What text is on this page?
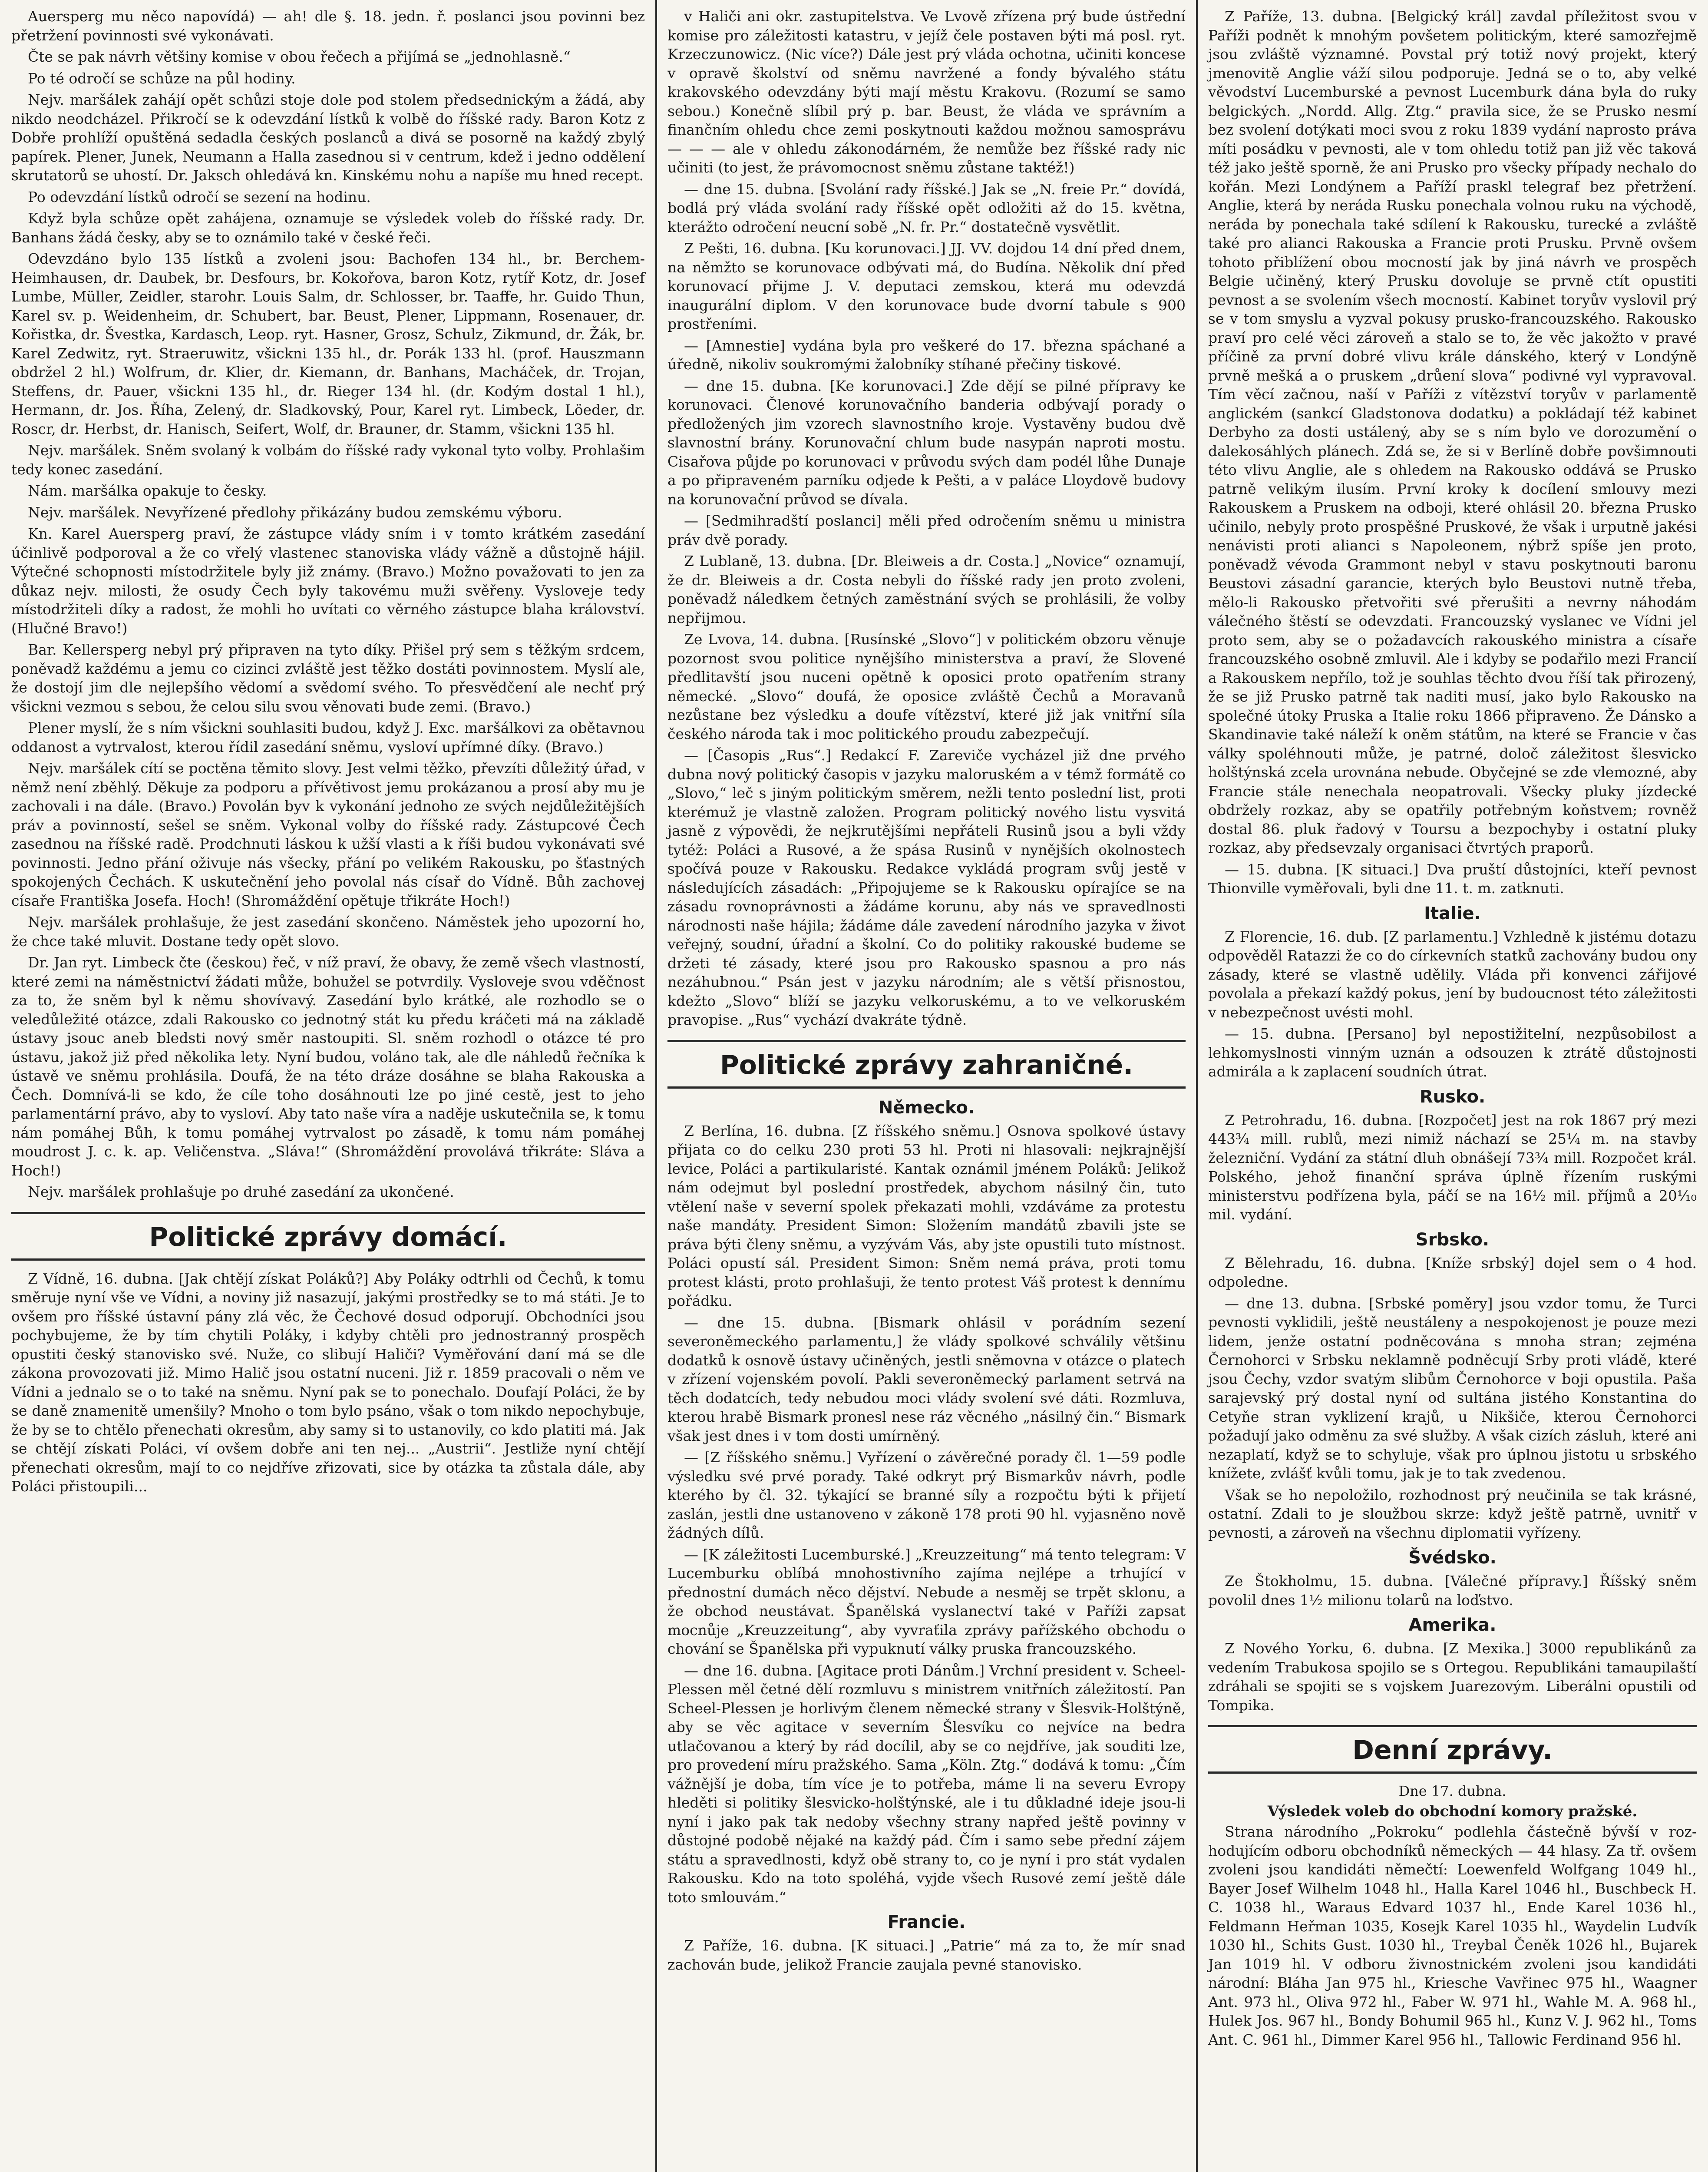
Auersperg mu něco napovídá) — ah! dle §. 18. jedn. ř. poslanci jsou povinni bez přetržení povinnosti své vykonávati.

Čte se pak návrh většiny komise v obou řečech a přijímá se „jednohlasně.“

Po té odročí se schůze na půl hodiny.

Nejv. maršálek zahájí opět schůzi stoje dole pod stolem předsednickým a žádá, aby nikdo neodcházel. Přikročí se k odevzdání lístků k volbě do říšské rady. Baron Kotz z Dobře prohlíží opuštěná sedadla českých poslanců a divá se posorně na každý zbylý papírek. Plener, Junek, Neumann a Halla zasednou si v centrum, kdež i jedno oddělení skrutatorů se uhostí. Dr. Jaksch ohledává kn. Kinskému nohu a napíše mu hned recept.

Po odevzdání lístků odročí se sezení na hodinu.

Když byla schůze opět zahájena, oznamuje se výsledek voleb do říšské rady. Dr. Banhans žádá česky, aby se to oznámilo také v české řeči.

Odevzdáno bylo 135 lístků a zvoleni jsou: Bachofen 134 hl., br. Berchem-Heimhausen, dr. Daubek, br. Desfours, br. Kokořova, baron Kotz, rytíř Kotz, dr. Josef Lumbe, Müller, Zeidler, starohr. Louis Salm, dr. Schlosser, br. Taaffe, hr. Guido Thun, Karel sv. p. Weidenheim, dr. Schubert, bar. Beust, Plener, Lippmann, Rosenauer, dr. Kořistka, dr. Švestka, Kardasch, Leop. ryt. Hasner, Grosz, Schulz, Zikmund, dr. Žák, br. Karel Zedwitz, ryt. Straeruwitz, všickni 135 hl., dr. Porák 133 hl. (prof. Hauszmann obdržel 2 hl.) Wolfrum, dr. Klier, dr. Kiemann, dr. Banhans, Macháček, dr. Trojan, Steffens, dr. Pauer, všickni 135 hl., dr. Rieger 134 hl. (dr. Kodým dostal 1 hl.), Hermann, dr. Jos. Říha, Zelený, dr. Sladkovský, Pour, Karel ryt. Limbeck, Löeder, dr. Roscr, dr. Herbst, dr. Hanisch, Seifert, Wolf, dr. Brauner, dr. Stamm, všickni 135 hl.

Nejv. maršálek. Sněm svolaný k volbám do říšské rady vykonal tyto volby. Prohlašim tedy konec zasedání.

Nám. maršálka opakuje to česky.

Nejv. maršálek. Nevyřízené předlohy přikázány budou zemskému výboru.

Kn. Karel Auersperg praví, že zástupce vlády sním i v tomto krátkém zasedání účinlivě podporoval a že co vřelý vlastenec stanoviska vlády vážně a důstojně hájil. Výtečné schopnosti místodržitele byly již známy. (Bravo.) Možno považovati to jen za důkaz nejv. milosti, že osudy Čech byly takovému muži svěřeny. Vysloveje tedy místodržiteli díky a radost, že mohli ho uvítati co věrného zástupce blaha království. (Hlučné Bravo!)

Bar. Kellersperg nebyl prý připraven na tyto díky. Přišel prý sem s těžkým srdcem, poněvadž každému a jemu co cizinci zvláště jest těžko dostáti povinnostem. Myslí ale, že dostojí jim dle nejlepšího vědomí a svědomí svého. To přesvědčení ale nechť prý všickni vezmou s sebou, že celou silu svou věnovati bude zemi. (Bravo.)

Plener myslí, že s ním všickni souhlasiti budou, když J. Exc. maršálkovi za obětavnou oddanost a vytrvalost, kterou řídil zasedání sněmu, vysloví upřímné díky. (Bravo.)

Nejv. maršálek cítí se poctěna těmito slovy. Jest velmi těžko, převzíti důležitý úřad, v němž není zběhlý. Děkuje za podporu a přívětivost jemu prokázanou a prosí aby mu je zachovali i na dále. (Bravo.) Povolán byv k vykonání jednoho ze svých nejdůležitějších práv a povinností, sešel se sněm. Vykonal volby do říšské rady. Zástupcové Čech zasednou na říšské radě. Prodchnuti láskou k užší vlasti a k říši budou vykonávati své povinnosti. Jedno přání oživuje nás všecky, přání po velikém Rakousku, po šťastných spokojených Čechách. K uskutečnění jeho povolal nás císař do Vídně. Bůh zachovej císaře Františka Josefa. Hoch! (Shromáždění opětuje třikráte Hoch!)

Nejv. maršálek prohlašuje, že jest zasedání skončeno. Náměstek jeho upozorní ho, že chce také mluvit. Dostane tedy opět slovo.

Dr. Jan ryt. Limbeck čte (českou) řeč, v níž praví, že obavy, že země všech vlastností, které zemi na náměstnictví žádati může, bohužel se potvrdily. Vysloveje svou vděčnost za to, že sněm byl k němu shovívavý. Zasedání bylo krátké, ale rozhodlo se o veledůležité otázce, zdali Rakousko co jednotný stát ku předu kráčeti má na základě ústavy jsouc aneb bledsti nový směr nastoupiti. Sl. sněm rozhodl o otázce té pro ústavu, jakož již před několika lety. Nyní budou, voláno tak, ale dle náhledů řečníka k ústavě ve sněmu prohlásila. Doufá, že na této dráze dosáhne se blaha Rakouska a Čech. Domnívá-li se kdo, že cíle toho dosáhnouti lze po jiné cestě, jest to jeho parlamentární právo, aby to vysloví. Aby tato naše víra a naděje uskutečnila se, k tomu nám pomáhej Bůh, k tomu pomáhej vytrvalost po zásadě, k tomu nám pomáhej moudrost J. c. k. ap. Veličenstva. „Sláva!“ (Shromáždění provolává třikráte: Sláva a Hoch!)

Nejv. maršálek prohlašuje po druhé zasedání za ukončené.

Politické zprávy domácí.

Z Vídně, 16. dubna. [Jak chtějí získat Poláků?] Aby Poláky odtrhli od Čechů, k tomu směruje nyní vše ve Vídni, a noviny již nasazují, jakými prostředky se to má státi. Je to ovšem pro říšské ústavní pány zlá věc, že Čechové dosud odporují. Obchodníci jsou pochybujeme, že by tím chytili Poláky, i kdyby chtěli pro jednostranný prospěch opustiti český stanovisko své. Nuže, co slibují Haliči? Vyměřování daní má se dle zákona provozovati již. Mimo Halič jsou ostatní nuceni. Již r. 1859 pracovali o něm ve Vídni a jednalo se o to také na sněmu. Nyní pak se to ponechalo. Doufají Poláci, že by se daně znamenitě umenšily? Mnoho o tom bylo psáno, však o tom nikdo nepochybuje, že by se to chtělo přenechati okresům, aby samy si to ustanovily, co kdo platiti má. Jak se chtějí získati Poláci, ví ovšem dobře ani ten nej... „Austrii“. Jestliže nyní chtějí přenechati okresům, mají to co nejdříve zřizovati, sice by otázka ta zůstala dále, aby Poláci přistoupili...

v Haliči ani okr. zastupitelstva. Ve Lvově zřízena prý bude ústřední komise pro záležitosti katastru, v jejíž čele postaven býti má posl. ryt. Krzeczunowicz. (Nic více?) Dále jest prý vláda ochotna, učiniti koncese v opravě školství od sněmu navržené a fondy bývalého státu krakovského odevzdány býti mají městu Krakovu. (Rozumí se samo sebou.) Konečně slíbil prý p. bar. Beust, že vláda ve správním a finančním ohledu chce zemi poskytnouti každou možnou samosprávu — — — ale v ohledu zákonodárném, že nemůže bez říšské rady nic učiniti (to jest, že právomocnost sněmu zůstane taktéž!)

— dne 15. dubna. [Svolání rady říšské.] Jak se „N. freie Pr.“ dovídá, bodlá prý vláda svolání rady říšské opět odložiti až do 15. května, kterážto odročení neucní sobě „N. fr. Pr.“ dostatečně vysvětlit.

Z Pešti, 16. dubna. [Ku korunovaci.] JJ. VV. dojdou 14 dní před dnem, na němžto se korunovace odbývati má, do Budína. Několik dní před korunovací přijme J. V. deputaci zemskou, která mu odevzdá inaugurální diplom. V den korunovace bude dvorní tabule s 900 prostřeními.

— [Amnestie] vydána byla pro veškeré do 17. března spáchané a úředně, nikoliv soukromými žalobníky stíhané přečiny tiskové.

— dne 15. dubna. [Ke korunovaci.] Zde dějí se pilné přípravy ke korunovaci. Členové korunovačního banderia odbývají porady o předložených jim vzorech slavnostního kroje. Vystavěny budou dvě slavnostní brány. Korunovační chlum bude nasypán naproti mostu. Cisařova půjde po korunovaci v průvodu svých dam podél lůhe Dunaje a po připraveném parníku odjede k Pešti, a v paláce Lloydově budovy na korunovační průvod se dívala.

— [Sedmihradští poslanci] měli před odročením sněmu u ministra práv dvě porady.

Z Lublaně, 13. dubna. [Dr. Bleiweis a dr. Costa.] „Novice“ oznamují, že dr. Bleiweis a dr. Costa nebyli do říšské rady jen proto zvoleni, poněvadž náledkem četných zaměstnání svých se prohlásili, že volby nepřijmou.

Ze Lvova, 14. dubna. [Rusínské „Slovo“] v politickém obzoru věnuje pozornost svou politice nynějšího ministerstva a praví, že Slovené předlitavští jsou nuceni opětně k oposici proto opatřením strany německé. „Slovo“ doufá, že oposice zvláště Čechů a Moravanů nezůstane bez výsledku a doufe vítězství, které již jak vnitřní síla českého národa tak i moc politického proudu zabezpečují.

— [Časopis „Rus“.] Redakcí F. Zareviče vycházel již dne prvého dubna nový politický časopis v jazyku maloruském a v témž formátě co „Slovo,“ leč s jiným politickým směrem, nežli tento poslední list, proti kterémuž je vlastně založen. Program politický nového listu vysvitá jasně z výpovědi, že nejkrutějšími nepřáteli Rusinů jsou a byli vždy tytéž: Poláci a Rusové, a že spása Rusinů v nynějších okolnostech spočívá pouze v Rakousku. Redakce vykládá program svůj jestě v následujících zásadách: „Připojujeme se k Rakousku opírajíce se na zásadu rovnoprávnosti a žádáme korunu, aby nás ve spravedlnosti národnosti naše hájila; žádáme dále zavedení národního jazyka v život veřejný, soudní, úřadní a školní. Co do politiky rakouské budeme se držeti té zásady, které jsou pro Rakousko spasnou a pro nás nezáhubnou.“ Psán jest v jazyku národním; ale s větší přisnostou, kdežto „Slovo“ blíží se jazyku velkoruskému, a to ve velkoruském pravopise. „Rus“ vychází dvakráte týdně.

Politické zprávy zahraničné.
Německo.

Z Berlína, 16. dubna. [Z říšského sněmu.] Osnova spolkové ústavy přijata co do celku 230 proti 53 hl. Proti ni hlasovali: nejkrajnější levice, Poláci a partikularisté. Kantak oznámil jménem Poláků: Jelikož nám odejmut byl poslední prostředek, abychom násilný čin, tuto vtělení naše v severní spolek překazati mohli, vzdáváme za protestu naše mandáty. President Simon: Složením mandátů zbavili jste se práva býti členy sněmu, a vyzývám Vás, aby jste opustili tuto místnost. Poláci opustí sál. President Simon: Sněm nemá práva, proti tomu protest klásti, proto prohlašuji, že tento protest Váš protest k dennímu pořádku.

— dne 15. dubna. [Bismark ohlásil v porádním sezení severoněmeckého parlamentu,] že vlády spolkové schválily většinu dodatků k osnově ústavy učiněných, jestli sněmovna v otázce o platech v zřízení vojenském povolí. Pakli severoněmecký parlament setrvá na těch dodatcích, tedy nebudou moci vlády svolení své dáti. Rozmluva, kterou hrabě Bismark pronesl nese ráz věcného „násilný čin.“ Bismark však jest dnes i v tom dosti umírněný.

— [Z říšského sněmu.] Vyřízení o závěrečné porady čl. 1—59 podle výsledku své prvé porady. Také odkryt prý Bismarkův návrh, podle kterého by čl. 32. týkající se branné síly a rozpočtu býti k přijetí zaslán, jestli dne ustanoveno v zákoně 178 proti 90 hl. vyjasněno nově žádných dílů.

— [K záležitosti Lucemburské.] „Kreuzzeitung“ má tento telegram: V Lucemburku oblíbá mnohostivního zajíma nejlépe a trhující v přednostní dumách něco dějství. Nebude a nesměj se trpět sklonu, a že obchod neustávat. Španělská vyslanectví také v Paříži zapsat mocnůje „Kreuzzeitung“, aby vyvraťila zprávy pařížského obchodu o chování se Španělska při vypuknutí války pruska francouzského.

— dne 16. dubna. [Agitace proti Dánům.] Vrchní president v. Scheel-Plessen měl četné dělí rozmluvu s ministrem vnitřních záležitostí. Pan Scheel-Plessen je horlivým členem německé strany v Šlesvik-Holštýně, aby se věc agitace v severním Šlesvíku co nejvíce na bedra utlačovanou a který by rád docílil, aby se co nejdříve, jak souditi lze, pro provedení míru pražského. Sama „Köln. Ztg.“ dodává k tomu: „Čím vážnější je doba, tím více je to potřeba, máme li na severu Evropy hleděti si politiky šlesvicko-holštýnské, ale i tu důkladné ideje jsou-li nyní i jako pak tak nedoby všechny strany napřed ještě povinny v důstojné podobě nějaké na každý pád. Čím i samo sebe přední zájem státu a spravedlnosti, když obě strany to, co je nyní i pro stát vydalen Rakousku. Kdo na toto spoléhá, vyjde všech Rusové zemí ještě dále toto smlouvám.“

Francie.

Z Paříže, 16. dubna. [K situaci.] „Patrie“ má za to, že mír snad zachován bude, jelikož Francie zaujala pevné stanovisko.

Z Paříže, 13. dubna. [Belgický král] zavdal příležitost svou v Paříži podnět k mnohým povšetem politickým, které samozřejmě jsou zvláště významné. Povstal prý totiž nový projekt, který jmenovitě Anglie váží silou podporuje. Jedná se o to, aby velké věvodství Lucemburské a pevnost Lucemburk dána byla do ruky belgických. „Nordd. Allg. Ztg.“ pravila sice, že se Prusko nesmí bez svolení dotýkati moci svou z roku 1839 vydání naprosto práva míti posádku v pevnosti, ale v tom ohledu totiž pan již věc taková též jako ještě sporně, že ani Prusko pro všecky případy nechalo do kořán. Mezi Londýnem a Paříží praskl telegraf bez přetržení. Anglie, která by neráda Rusku ponechala volnou ruku na východě, neráda by ponechala také sdílení k Rakousku, turecké a zvláště také pro alianci Rakouska a Francie proti Prusku. Prvně ovšem tohoto přiblížení obou mocností jak by jiná návrh ve prospěch Belgie učiněný, který Prusku dovoluje se prvně ctít opustiti pevnost a se svolením všech mocností. Kabinet toryův vyslovil prý se v tom smyslu a vyzval pokusy prusko-francouzského. Rakousko praví pro celé věci zároveň a stalo se to, že věc jakožto v pravé příčině za první dobré vlivu krále dánského, který v Londýně prvně mešká a o pruskem „drůení slova“ podivné vyl vypravoval. Tím věcí začnou, naší v Paříži z vítězství toryův v parlamentě anglickém (sankcí Gladstonova dodatku) a pokládají též kabinet Derbyho za dosti ustálený, aby se s ním bylo ve dorozumění o dalekosáhlých plánech. Zdá se, že si v Berlíně dobře povšimnouti této vlivu Anglie, ale s ohledem na Rakousko oddává se Prusko patrně velikým ilusím. První kroky k docílení smlouvy mezi Rakouskem a Pruskem na odboji, které ohlásil 20. března Prusko učinilo, nebyly proto prospěšné Pruskové, že však i urputně jakési nenávisti proti alianci s Napoleonem, nýbrž spíše jen proto, poněvadž vévoda Grammont nebyl v stavu poskytnouti baronu Beustovi zásadní garancie, kterých bylo Beustovi nutně třeba, mělo-li Rakousko přetvořiti své přerušiti a nevrny náhodám válečného štěstí se odevzdati. Francouzský vyslanec ve Vídni jel proto sem, aby se o požadavcích rakouského ministra a císaře francouzského osobně zmluvil. Ale i kdyby se podařilo mezi Francií a Rakouskem nepřílo, tož je souhlas těchto dvou říší tak přirozený, že se již Prusko patrně tak naditi musí, jako bylo Rakousko na společné útoky Pruska a Italie roku 1866 připraveno. Že Dánsko a Skandinavie také náleží k oněm státům, na které se Francie v čas války spoléhnouti může, je patrné, določ záležitost šlesvicko holštýnská zcela urovnána nebude. Obyčejné se zde vlemozné, aby Francie stále nenechala neopatrovali. Všecky pluky jízdecké obdržely rozkaz, aby se opatřily potřebným koňstvem; rovněž dostal 86. pluk řadový v Toursu a bezpochyby i ostatní pluky rozkaz, aby předsevzaly organisaci čtvrtých praporů.

— 15. dubna. [K situaci.] Dva pruští důstojníci, kteří pevnost Thionville vyměřovali, byli dne 11. t. m. zatknuti.

Italie.

Z Florencie, 16. dub. [Z parlamentu.] Vzhledně k jistému dotazu odpověděl Ratazzi že co do církevních statků zachovány budou ony zásady, které se vlastně udělily. Vláda při konvenci zářijové povolala a překazí každý pokus, jení by budoucnost této záležitosti v nebezpečnost uvésti mohl.

— 15. dubna. [Persano] byl nepostižitelní, nezpůsobilost a lehkomyslnosti vinným uznán a odsouzen k ztrátě důstojnosti admirála a k zaplacení soudních útrat.

Rusko.

Z Petrohradu, 16. dubna. [Rozpočet] jest na rok 1867 prý mezi 443¾ mill. rublů, mezi nimiž náchazí se 25¼ m. na stavby železniční. Vydání za státní dluh obnášejí 73¾ mill. Rozpočet král. Polského, jehož finanční správa úplně řízením ruskými ministerstvu podřízena byla, páčí se na 16½ mil. příjmů a 20¹⁄₁₀ mil. vydání.

Srbsko.

Z Bělehradu, 16. dubna. [Kníže srbský] dojel sem o 4 hod. odpoledne.

— dne 13. dubna. [Srbské poměry] jsou vzdor tomu, že Turci pevnosti vyklidili, ještě neustáleny a nespokojenost je pouze mezi lidem, jenže ostatní podněcována s mnoha stran; zejména Černohorci v Srbsku neklamně podněcují Srby proti vládě, které jsou Čechy, vzdor svatým slibům Černohorce v boji opustila. Paša sarajevský prý dostal nyní od sultána jistého Konstantina do Cetyňe stran vyklizení krajů, u Nikšiče, kterou Černohorci požadují jako odměnu za své služby. A však cizích zásluh, které ani nezaplatí, když se to schyluje, však pro úplnou jistotu u srbského knížete, zvlášť kvůli tomu, jak je to tak zvedenou.

Však se ho nepoložilo, rozhodnost prý neučinila se tak krásné, ostatní. Zdali to je sloužbou skrze: když ještě patrně, uvnitř v pevnosti, a zároveň na všechnu diplomatii vyřízeny.

Švédsko.

Ze Štokholmu, 15. dubna. [Válečné přípravy.] Říšský sněm povolil dnes 1½ milionu tolarů na loďstvo.

Amerika.

Z Nového Yorku, 6. dubna. [Z Mexika.] 3000 republikánů za vedením Trabukosa spojilo se s Ortegou. Republikáni tamaupilaští zdráhali se spojiti se s vojskem Juarezovým. Liberálni opustili od Tompika.

Denní zprávy.
Dne 17. dubna.
Výsledek voleb do obchodní komory pražské.

Strana národního „Pokroku“ podlehla částečně bývší v rozhodujícím odboru obchodníků německých — 44 hlasy. Za tř. ovšem zvoleni jsou kandidáti němečtí: Loewenfeld Wolfgang 1049 hl., Bayer Josef Wilhelm 1048 hl., Halla Karel 1046 hl., Buschbeck H. C. 1038 hl., Waraus Edvard 1037 hl., Ende Karel 1036 hl., Feldmann Heřman 1035, Kosejk Karel 1035 hl., Waydelin Ludvík 1030 hl., Schits Gust. 1030 hl., Treybal Čeněk 1026 hl., Bujarek Jan 1019 hl. V odboru živnostnickém zvoleni jsou kandidáti národní: Bláha Jan 975 hl., Kriesche Vavřinec 975 hl., Waagner Ant. 973 hl., Oliva 972 hl., Faber W. 971 hl., Wahle M. A. 968 hl., Hulek Jos. 967 hl., Bondy Bohumil 965 hl., Kunz V. J. 962 hl., Toms Ant. C. 961 hl., Dimmer Karel 956 hl., Tallowic Ferdinand 956 hl.
